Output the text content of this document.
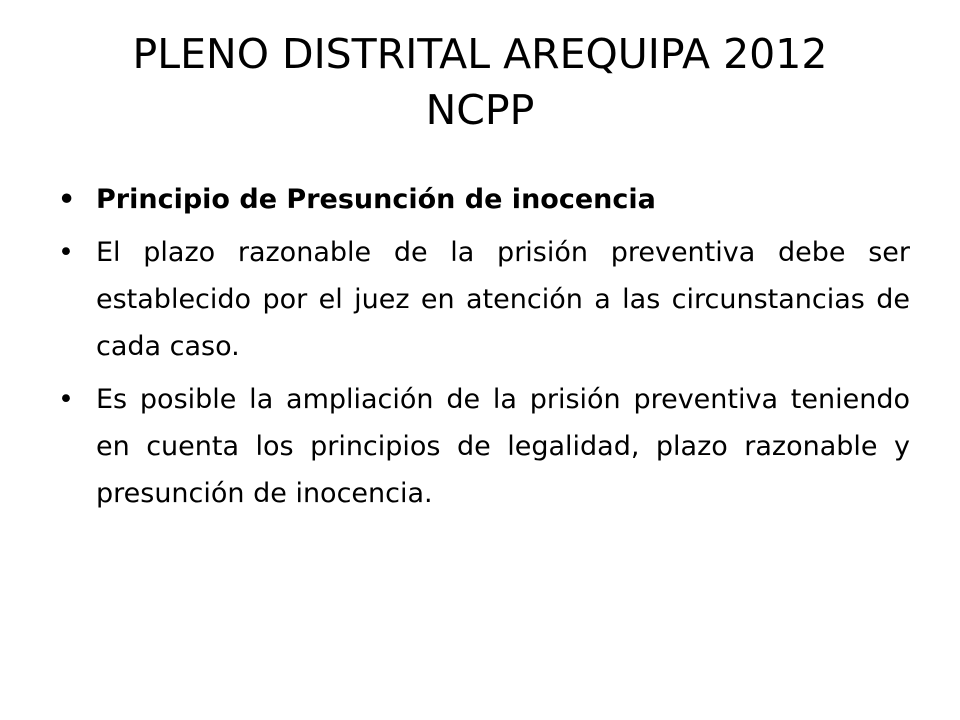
PLENO DISTRITAL AREQUIPA 2012
NCPP
• Principio de Presunción de inocencia
• El plazo razonable de la prisión preventiva debe ser establecido por el juez en atención a las circunstancias de cada caso.
• Es posible la ampliación de la prisión preventiva teniendo en cuenta los principios de legalidad, plazo razonable y presunción de inocencia.
